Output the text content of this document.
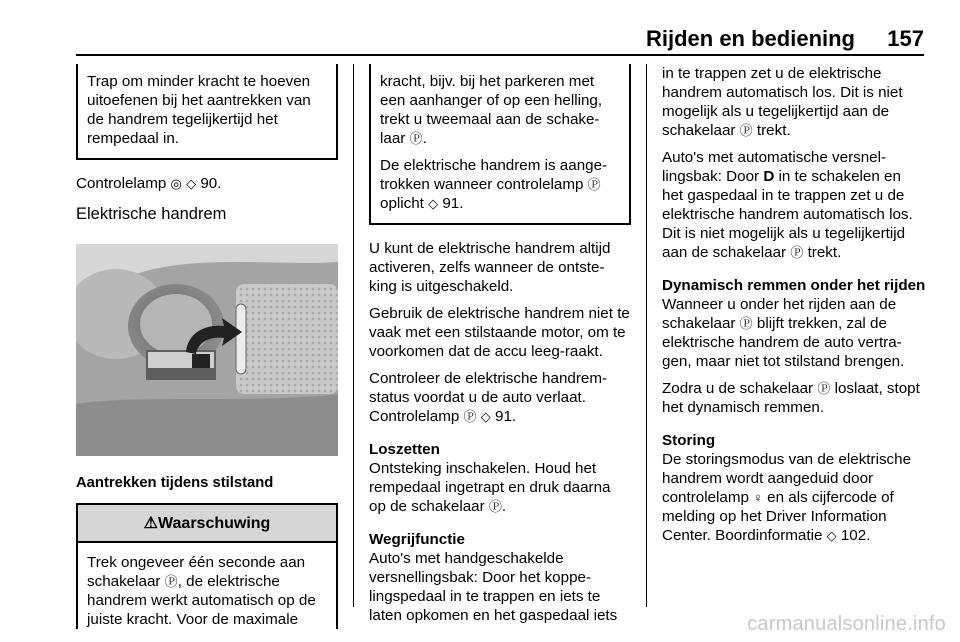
Rijden en bediening 157

Trap om minder kracht te hoeven uitoefenen bij het aantrekken van de handrem tegelijkertijd het rempedaal in.

Controlelamp ◎ ◇ 90.

Elektrische handrem
Aantrekken tijdens stilstand
⚠ Waarschuwing
Trek ongeveer één seconde aan schakelaar Ⓟ, de elektrische handrem werkt automatisch op de juiste kracht. Voor de maximale

kracht, bijv. bij het parkeren met een aanhanger of op een helling, trekt u tweemaal aan de schake-laar Ⓟ.

De elektrische handrem is aange-trokken wanneer controlelamp Ⓟ oplicht ◇ 91.

U kunt de elektrische handrem altijd activeren, zelfs wanneer de ontste-king is uitgeschakeld.

Gebruik de elektrische handrem niet te vaak met een stilstaande motor, om te voorkomen dat de accu leeg-raakt.

Controleer de elektrische handrem-status voordat u de auto verlaat. Controlelamp Ⓟ ◇ 91.

Loszetten
Ontsteking inschakelen. Houd het rempedaal ingetrapt en druk daarna op de schakelaar Ⓟ.

Wegrijfunctie
Auto's met handgeschakelde versnellingsbak: Door het koppe-lingspedaal in te trappen en iets te laten opkomen en het gaspedaal iets

in te trappen zet u de elektrische handrem automatisch los. Dit is niet mogelijk als u tegelijkertijd aan de schakelaar Ⓟ trekt.

Auto's met automatische versnel-lingsbak: Door D in te schakelen en het gaspedaal in te trappen zet u de elektrische handrem automatisch los. Dit is niet mogelijk als u tegelijkertijd aan de schakelaar Ⓟ trekt.

Dynamisch remmen onder het rijden
Wanneer u onder het rijden aan de schakelaar Ⓟ blijft trekken, zal de elektrische handrem de auto vertra-gen, maar niet tot stilstand brengen.

Zodra u de schakelaar Ⓟ loslaat, stopt het dynamisch remmen.

Storing
De storingsmodus van de elektrische handrem wordt aangeduid door controlelamp ♀ en als cijfercode of melding op het Driver Information Center. Boordinformatie ◇ 102.

carmanualsonline.info
